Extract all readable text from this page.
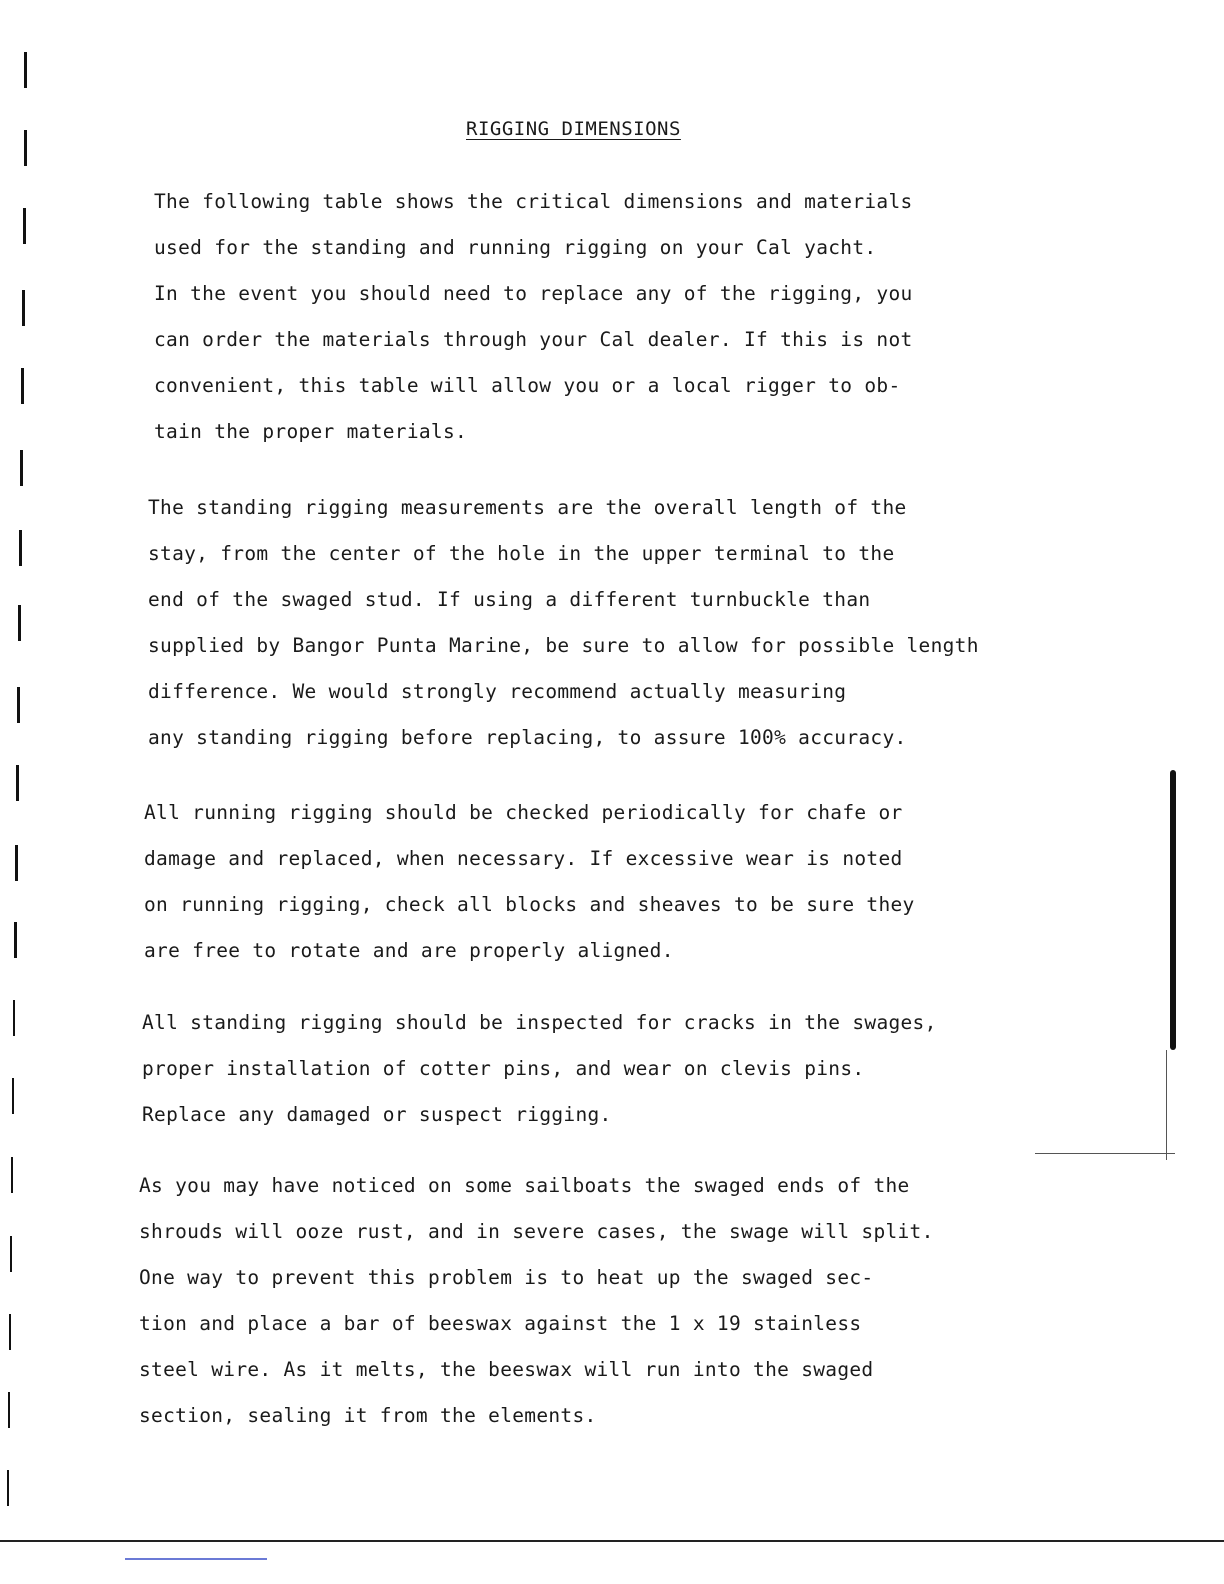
RIGGING DIMENSIONS

The following table shows the critical dimensions and materials
used for the standing and running rigging on your Cal yacht.
In the event you should need to replace any of the rigging, you
can order the materials through your Cal dealer. If this is not
convenient, this table will allow you or a local rigger to ob-
tain the proper materials.

The standing rigging measurements are the overall length of the
stay, from the center of the hole in the upper terminal to the
end of the swaged stud. If using a different turnbuckle than
supplied by Bangor Punta Marine, be sure to allow for possible length
difference. We would strongly recommend actually measuring
any standing rigging before replacing, to assure 100% accuracy.

All running rigging should be checked periodically for chafe or
damage and replaced, when necessary. If excessive wear is noted
on running rigging, check all blocks and sheaves to be sure they
are free to rotate and are properly aligned.

All standing rigging should be inspected for cracks in the swages,
proper installation of cotter pins, and wear on clevis pins.
Replace any damaged or suspect rigging.

As you may have noticed on some sailboats the swaged ends of the
shrouds will ooze rust, and in severe cases, the swage will split.
One way to prevent this problem is to heat up the swaged sec-
tion and place a bar of beeswax against the 1 x 19 stainless
steel wire. As it melts, the beeswax will run into the swaged
section, sealing it from the elements.
